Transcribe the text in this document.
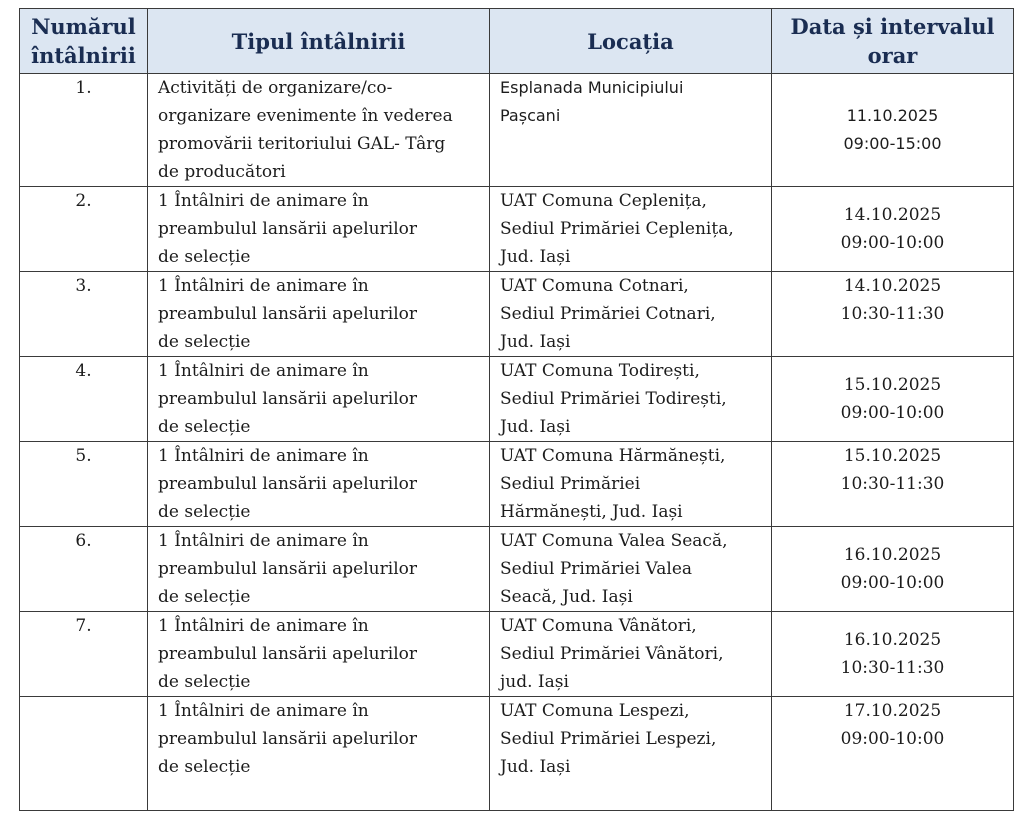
Numărul
întâlnirii	Tipul întâlnirii	Locația	Data și intervalul
orar

1.	Activități de organizare/co-
organizare evenimente în vederea
promovării teritoriului GAL- Târg
de producători	Esplanada Municipiului
Pașcani	11.10.2025
09:00-15:00

2.	1 Întâlniri de animare în
preambulul lansării apelurilor
de selecție	UAT Comuna Ceplenița,
Sediul Primăriei Ceplenița,
Jud. Iași	14.10.2025
09:00-10:00

3.	1 Întâlniri de animare în
preambulul lansării apelurilor
de selecție	UAT Comuna Cotnari,
Sediul Primăriei Cotnari,
Jud. Iași	14.10.2025
10:30-11:30

4.	1 Întâlniri de animare în
preambulul lansării apelurilor
de selecție	UAT Comuna Todirești,
Sediul Primăriei Todirești,
Jud. Iași	15.10.2025
09:00-10:00

5.	1 Întâlniri de animare în
preambulul lansării apelurilor
de selecție	UAT Comuna Hărmănești,
Sediul Primăriei
Hărmănești, Jud. Iași	15.10.2025
10:30-11:30

6.	1 Întâlniri de animare în
preambulul lansării apelurilor
de selecție	UAT Comuna Valea Seacă,
Sediul Primăriei Valea
Seacă, Jud. Iași	16.10.2025
09:00-10:00

7.	1 Întâlniri de animare în
preambulul lansării apelurilor
de selecție	UAT Comuna Vânători,
Sediul Primăriei Vânători,
jud. Iași	16.10.2025
10:30-11:30

	1 Întâlniri de animare în
preambulul lansării apelurilor
de selecție	UAT Comuna Lespezi,
Sediul Primăriei Lespezi,
Jud. Iași	17.10.2025
09:00-10:00
